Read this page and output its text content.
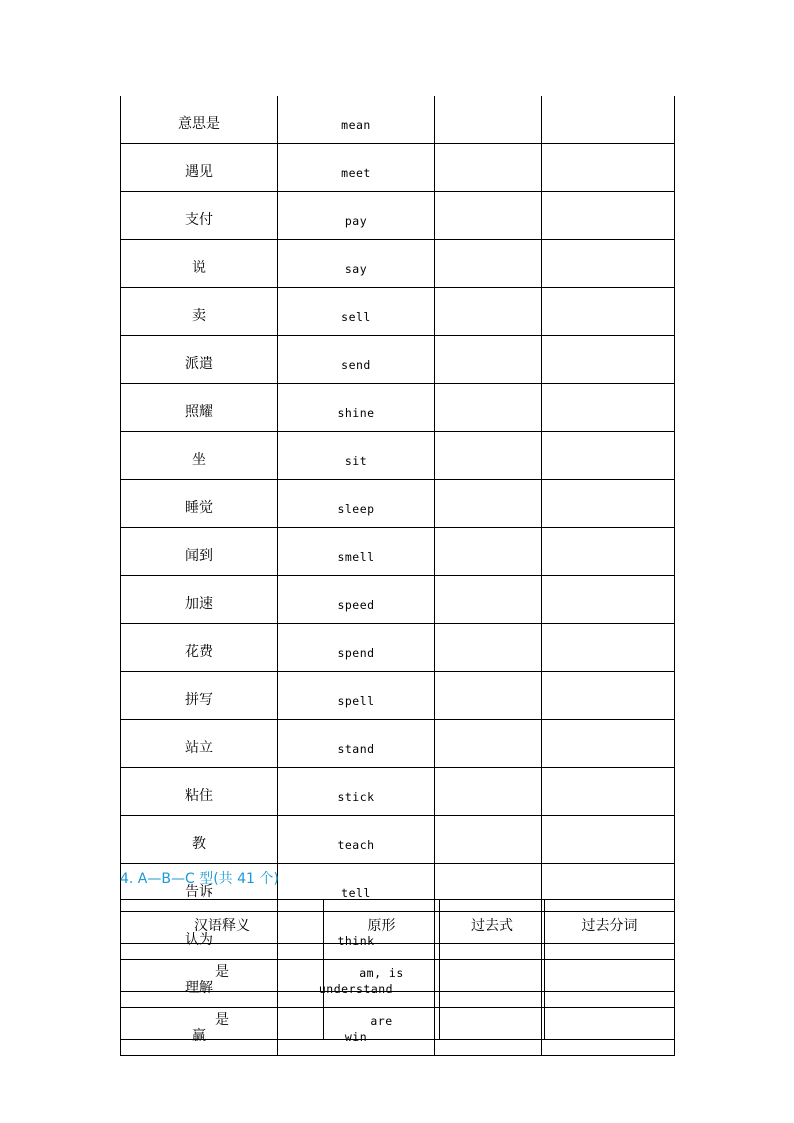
意思是	mean		
遇见	meet		
支付	pay		
说	say		
卖	sell		
派遣	send		
照耀	shine		
坐	sit		
睡觉	sleep		
闻到	smell		
加速	speed		
花费	spend		
拼写	spell		
站立	stand		
粘住	stick		
教	teach		
告诉	tell		
认为	think		
理解	understand		
赢	win		
4. A—B—C 型(共 41 个)
汉语释义	原形	过去式	过去分词
是	am, is		
是	are		
